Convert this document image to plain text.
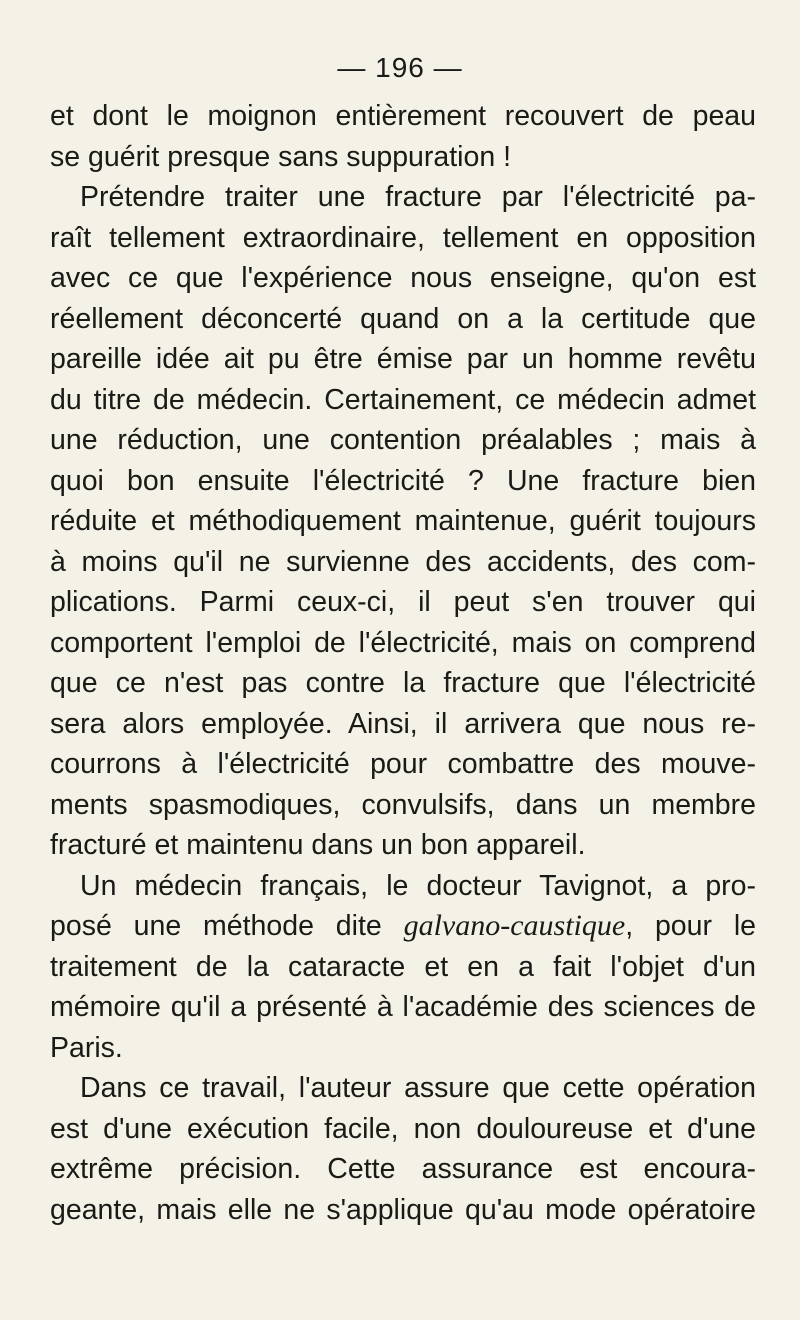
— 196 —
et dont le moignon entièrement recouvert de peau
se guérit presque sans suppuration !
Prétendre traiter une fracture par l'électricité pa-
raît tellement extraordinaire, tellement en opposition
avec ce que l'expérience nous enseigne, qu'on est
réellement déconcerté quand on a la certitude que
pareille idée ait pu être émise par un homme revêtu
du titre de médecin. Certainement, ce médecin admet
une réduction, une contention préalables ; mais à
quoi bon ensuite l'électricité ? Une fracture bien
réduite et méthodiquement maintenue, guérit toujours
à moins qu'il ne survienne des accidents, des com-
plications. Parmi ceux-ci, il peut s'en trouver qui
comportent l'emploi de l'électricité, mais on comprend
que ce n'est pas contre la fracture que l'électricité
sera alors employée. Ainsi, il arrivera que nous re-
courrons à l'électricité pour combattre des mouve-
ments spasmodiques, convulsifs, dans un membre
fracturé et maintenu dans un bon appareil.
Un médecin français, le docteur Tavignot, a pro-
posé une méthode dite galvano-caustique, pour le
traitement de la cataracte et en a fait l'objet d'un
mémoire qu'il a présenté à l'académie des sciences de
Paris.
Dans ce travail, l'auteur assure que cette opération
est d'une exécution facile, non douloureuse et d'une
extrême précision. Cette assurance est encoura-
geante, mais elle ne s'applique qu'au mode opératoire
